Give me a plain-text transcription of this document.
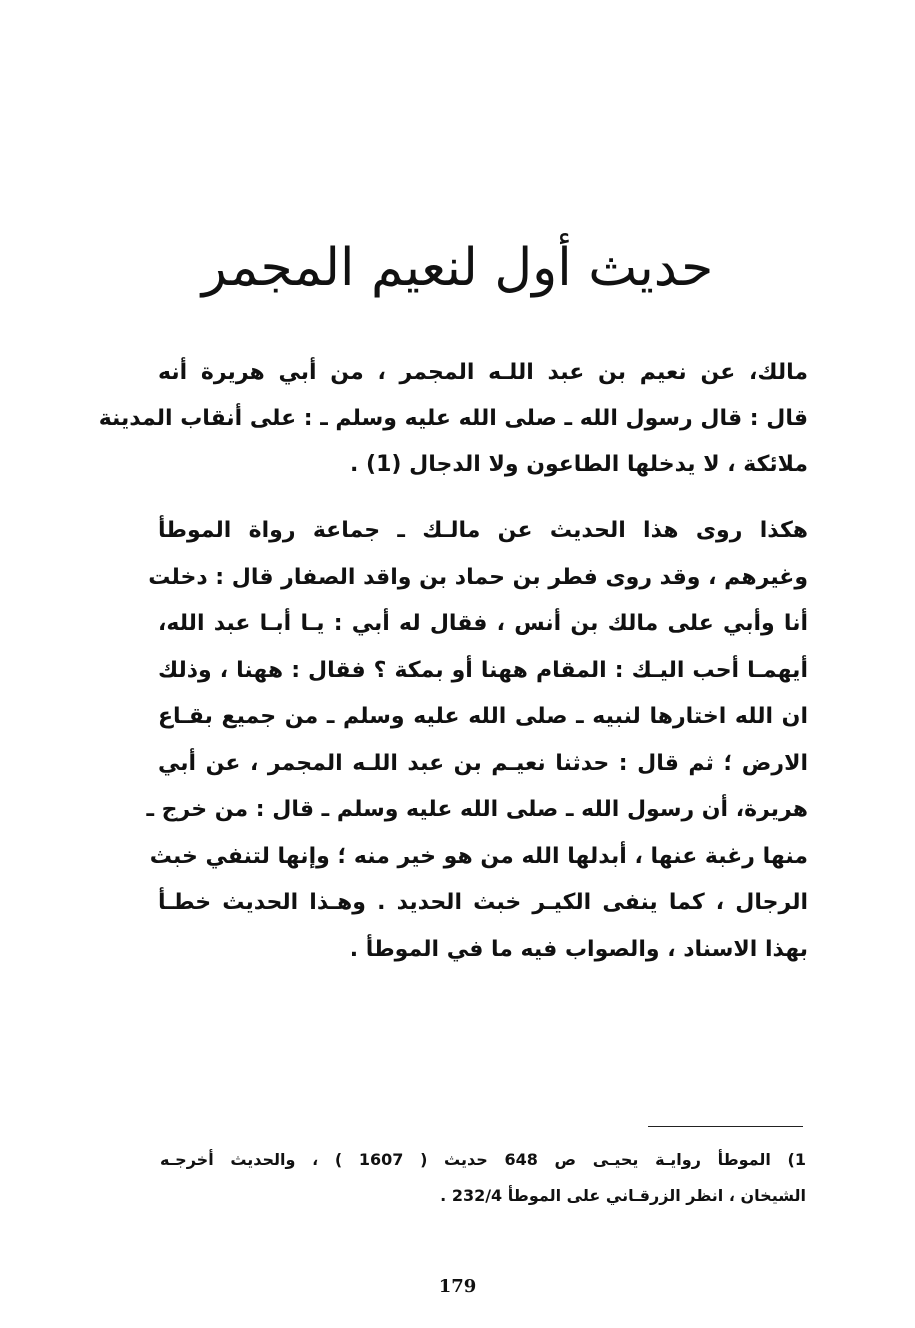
حديث أول لنعيم المجمر

مالك، عن نعيم بن عبد اللـه المجمر ، من أبي هريرة أنه
قال : قال رسول الله ـ صلى الله عليه وسلم ـ : على أنقاب المدينة
ملائكة ، لا يدخلها الطاعون ولا الدجال (1) .

هكذا روى هذا الحديث عن مالـك ـ جماعة رواة الموطأ
وغيرهم ، وقد روى فطر بن حماد بن واقد الصفار قال : دخلت
أنا وأبي على مالك بن أنس ، فقال له أبي : يـا أبـا عبد الله،
أيهمـا أحب اليـك : المقام ههنا أو بمكة ؟ فقال : ههنا ، وذلك
ان الله اختارها لنبيه ـ صلى الله عليه وسلم ـ من جميع بقـاع
الارض ؛ ثم قال : حدثنا نعيـم بن عبد اللـه المجمر ، عن أبي
هريرة، أن رسول الله ـ صلى الله عليه وسلم ـ قال : من خرج ـ
منها رغبة عنها ، أبدلها الله من هو خير منه ؛ وإنها لتنفي خبث
الرجال ، كما ينفى الكيـر خبث الحديد . وهـذا الحديث خطـأ
بهذا الاسناد ، والصواب فيه ما في الموطأ .

1) الموطأ روايـة يحيـى ص 648 حديث ( 1607 ) ، والحديث أخرجـه
الشيخان ، انظر الزرقـاني على الموطأ 232/4 .

179
